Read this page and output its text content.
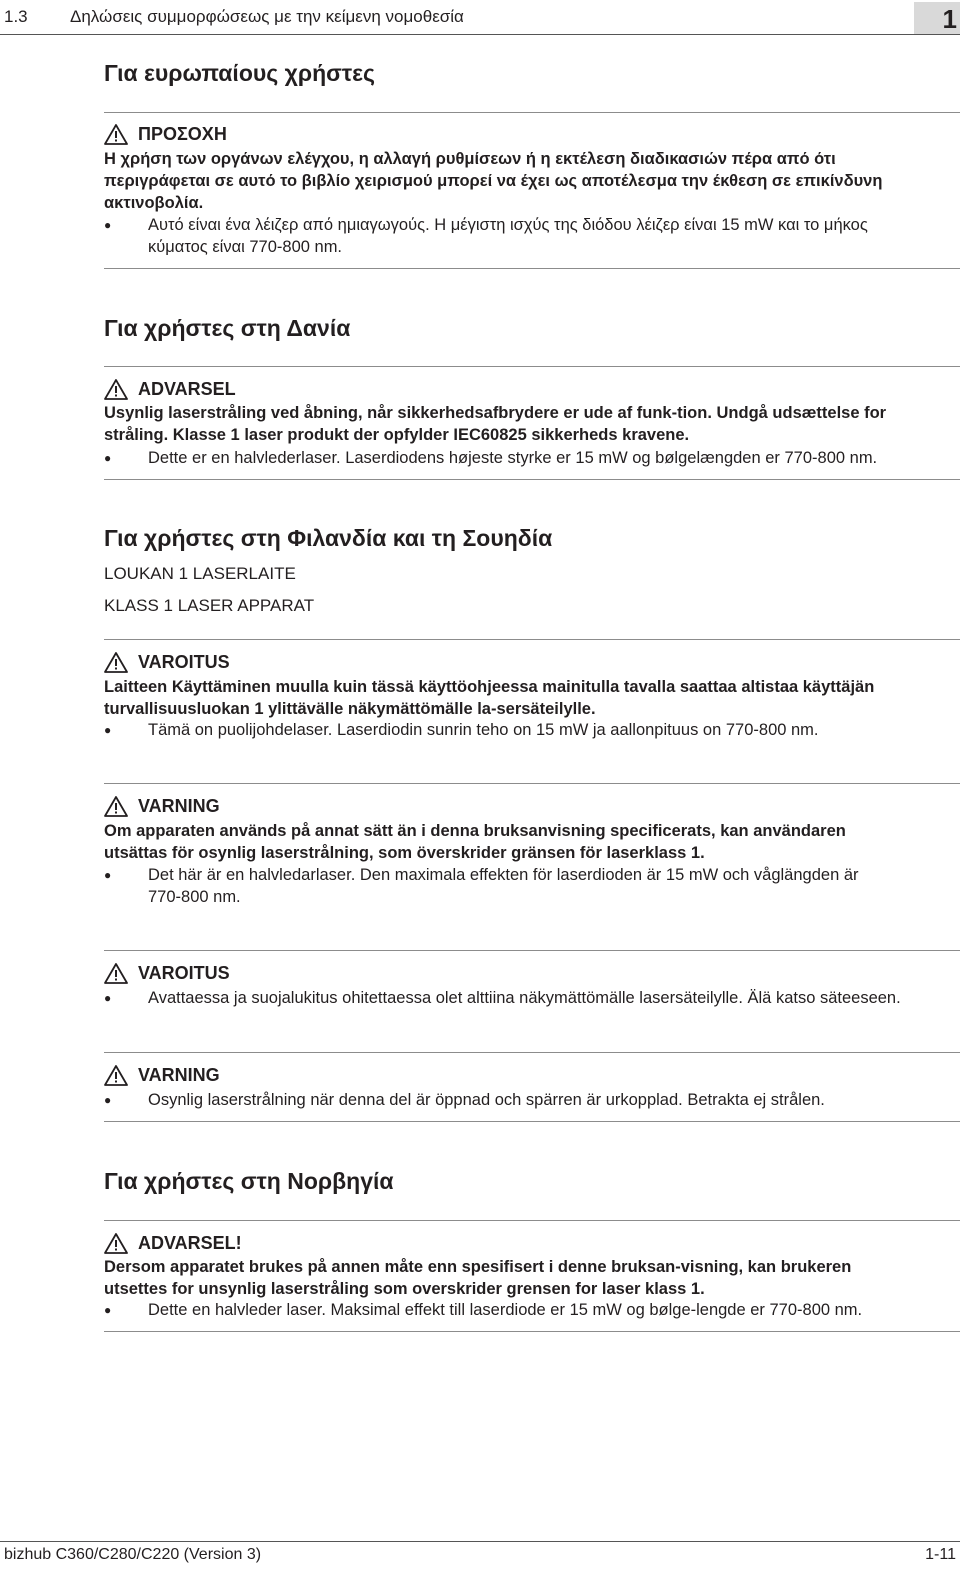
1.3 Δηλώσεις συμμορφώσεως με την κείμενη νομοθεσία	1
Για ευρωπαίους χρήστες
ΠΡΟΣΟΧΗ
Η χρήση των οργάνων ελέγχου, η αλλαγή ρυθμίσεων ή η εκτέλεση διαδικασιών πέρα από ότι
περιγράφεται σε αυτό το βιβλίο χειρισμού μπορεί να έχει ως αποτέλεσμα την έκθεση σε επικίνδυνη
ακτινοβολία.
● Αυτό είναι ένα λέιζερ από ημιαγωγούς. Η μέγιστη ισχύς της διόδου λέιζερ είναι 15 mW και το μήκος
κύματος είναι 770-800 nm.
Για χρήστες στη Δανία
ADVARSEL
Usynlig laserstråling ved åbning, når sikkerhedsafbrydere er ude af funk-tion. Undgå udsættelse for
stråling. Klasse 1 laser produkt der opfylder IEC60825 sikkerheds kravene.
● Dette er en halvlederlaser. Laserdiodens højeste styrke er 15 mW og bølgelængden er 770-800 nm.
Για χρήστες στη Φιλανδία και τη Σουηδία
LOUKAN 1 LASERLAITE
KLASS 1 LASER APPARAT
VAROITUS
Laitteen Käyttäminen muulla kuin tässä käyttöohjeessa mainitulla tavalla saattaa altistaa käyttäjän
turvallisuusluokan 1 ylittävälle näkymättömälle la-sersäteilylle.
● Tämä on puolijohdelaser. Laserdiodin sunrin teho on 15 mW ja aallonpituus on 770-800 nm.
VARNING
Om apparaten används på annat sätt än i denna bruksanvisning specificerats, kan användaren
utsättas för osynlig laserstrålning, som överskrider gränsen för laserklass 1.
● Det här är en halvledarlaser. Den maximala effekten för laserdioden är 15 mW och våglängden är
770-800 nm.
VAROITUS
● Avattaessa ja suojalukitus ohitettaessa olet alttiina näkymättömälle lasersäteilylle. Älä katso säteeseen.
VARNING
● Osynlig laserstrålning när denna del är öppnad och spärren är urkopplad. Betrakta ej strålen.
Για χρήστες στη Νορβηγία
ADVARSEL!
Dersom apparatet brukes på annen måte enn spesifisert i denne bruksan-visning, kan brukeren
utsettes for unsynlig laserstråling som overskrider grensen for laser klass 1.
● Dette en halvleder laser. Maksimal effekt till laserdiode er 15 mW og bølge-lengde er 770-800 nm.
bizhub C360/C280/C220 (Version 3)	1-11
